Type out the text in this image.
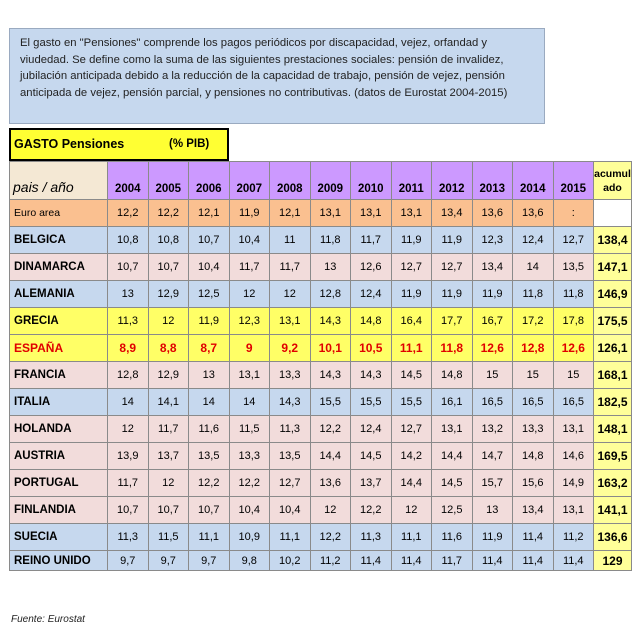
El gasto en "Pensiones" comprende los pagos periódicos por discapacidad, vejez, orfandad y viudedad. Se define como la suma de las siguientes prestaciones sociales: pensión de invalidez, jubilación anticipada debido a la reducción de la capacidad de trabajo, pensión de vejez, pensión anticipada de vejez, pensión parcial, y pensiones no contributivas. (datos de Eurostat 2004-2015)
GASTO Pensiones	(% PIB)
pais / año	2004	2005	2006	2007	2008	2009	2010	2011	2012	2013	2014	2015	acumul
ado

Euro area	12,2	12,2	12,1	11,9	12,1	13,1	13,1	13,1	13,4	13,6	13,6	:	
BELGICA	10,8	10,8	10,7	10,4	11	11,8	11,7	11,9	11,9	12,3	12,4	12,7	138,4
DINAMARCA	10,7	10,7	10,4	11,7	11,7	13	12,6	12,7	12,7	13,4	14	13,5	147,1
ALEMANIA	13	12,9	12,5	12	12	12,8	12,4	11,9	11,9	11,9	11,8	11,8	146,9
GRECIA	11,3	12	11,9	12,3	13,1	14,3	14,8	16,4	17,7	16,7	17,2	17,8	175,5
ESPAÑA	8,9	8,8	8,7	9	9,2	10,1	10,5	11,1	11,8	12,6	12,8	12,6	126,1
FRANCIA	12,8	12,9	13	13,1	13,3	14,3	14,3	14,5	14,8	15	15	15	168,1
ITALIA	14	14,1	14	14	14,3	15,5	15,5	15,5	16,1	16,5	16,5	16,5	182,5
HOLANDA	12	11,7	11,6	11,5	11,3	12,2	12,4	12,7	13,1	13,2	13,3	13,1	148,1
AUSTRIA	13,9	13,7	13,5	13,3	13,5	14,4	14,5	14,2	14,4	14,7	14,8	14,6	169,5
PORTUGAL	11,7	12	12,2	12,2	12,7	13,6	13,7	14,4	14,5	15,7	15,6	14,9	163,2
FINLANDIA	10,7	10,7	10,7	10,4	10,4	12	12,2	12	12,5	13	13,4	13,1	141,1
SUECIA	11,3	11,5	11,1	10,9	11,1	12,2	11,3	11,1	11,6	11,9	11,4	11,2	136,6
REINO UNIDO	9,7	9,7	9,7	9,8	10,2	11,2	11,4	11,4	11,7	11,4	11,4	11,4	129
Fuente: Eurostat
